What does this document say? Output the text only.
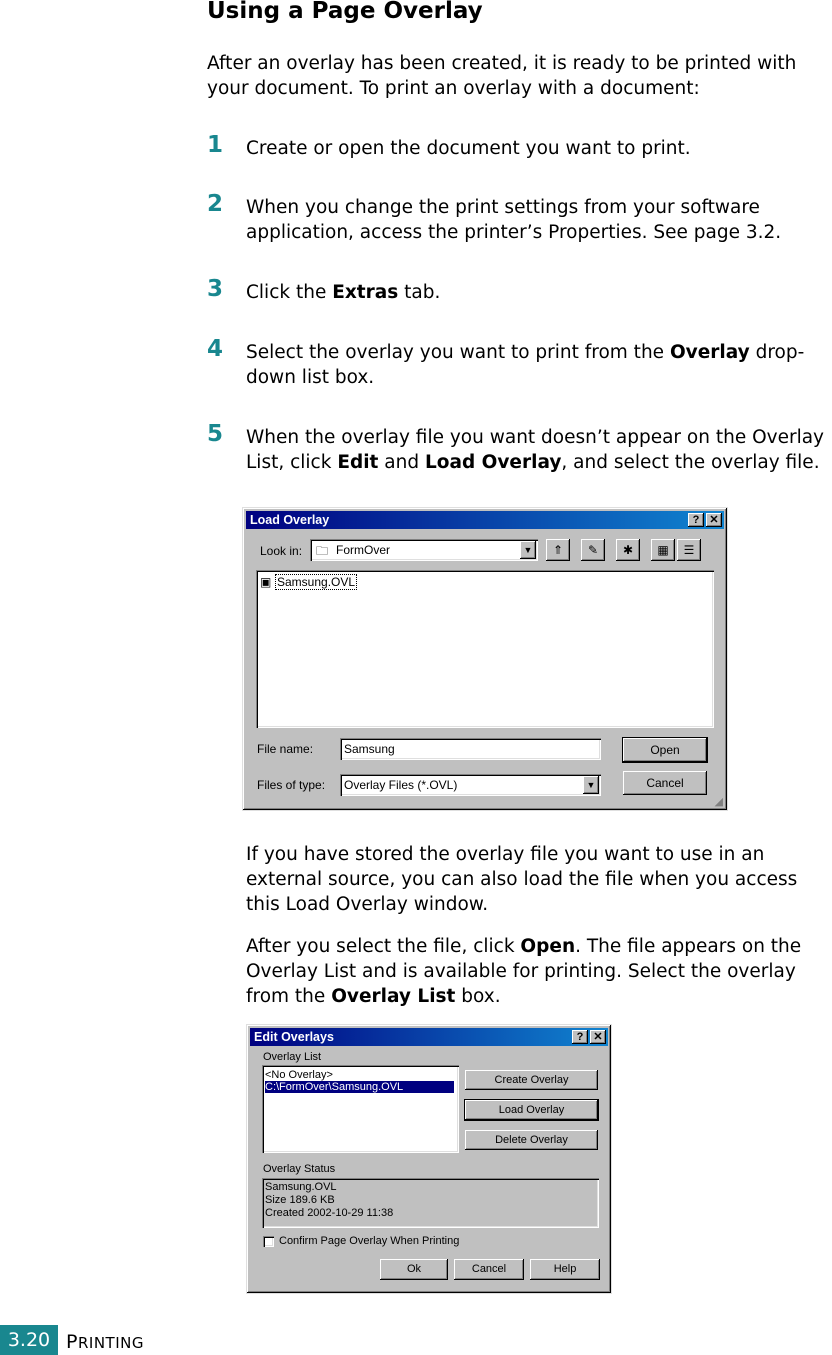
Using a Page Overlay

After an overlay has been created, it is ready to be printed with your document. To print an overlay with a document:

1 Create or open the document you want to print.
2 When you change the print settings from your software application, access the printer’s Properties. See page 3.2.
3 Click the Extras tab.
4 Select the overlay you want to print from the Overlay drop-down list box.
5 When the overlay file you want doesn’t appear on the Overlay List, click Edit and Load Overlay, and select the overlay file.
Load Overlay	? ✕
Look in: 🗀 FormOver	▼	⇑	✎	✱	▦	☰
▣ Samsung.OVL
File name:	Samsung
Files of type: Overlay Files (*.OVL)	▼
Open
Cancel
◢

If you have stored the overlay file you want to use in an external source, you can also load the file when you access this Load Overlay window.

After you select the file, click Open. The file appears on the Overlay List and is available for printing. Select the overlay from the Overlay List box.

Edit Overlays	? ✕
Overlay List
<No Overlay>
C:\FormOver\Samsung.OVL
Create Overlay
Load Overlay
Delete Overlay
Overlay Status
Samsung.OVL
Size 189.6 KB
Created 2002-10-29 11:38
Confirm Page Overlay When Printing
Ok	Cancel	Help
3.20 PRINTING
